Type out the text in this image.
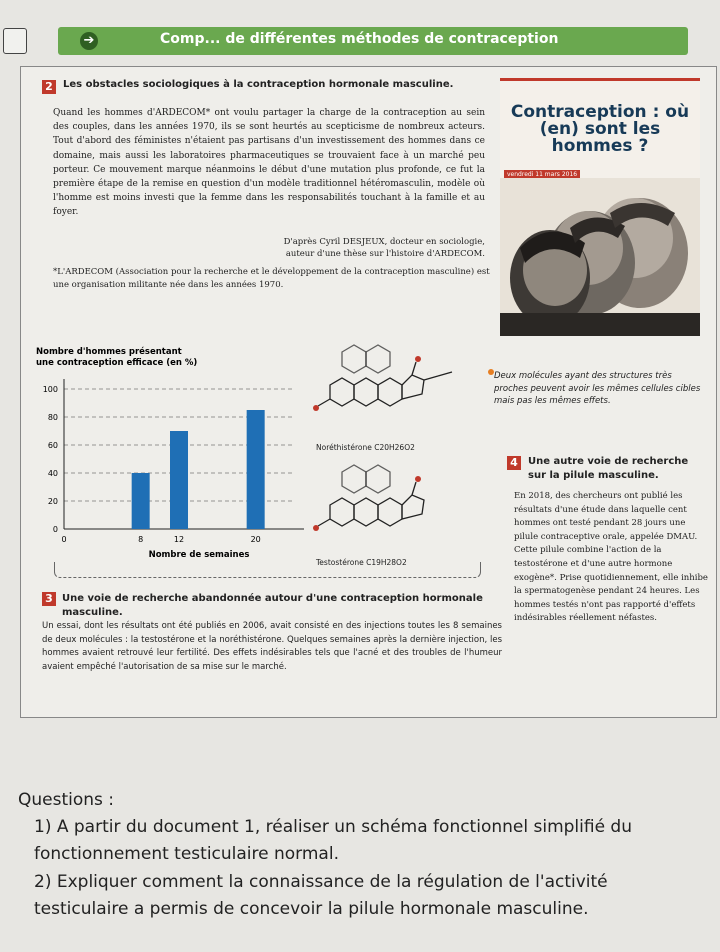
➔	Comp... de différentes méthodes de contraception
2	Les obstacles sociologiques à la contraception hormonale masculine.
Quand les hommes d'ARDECOM* ont voulu partager la charge de la contraception au sein des couples, dans les années 1970, ils se sont heurtés au scepticisme de nombreux acteurs. Tout d'abord des féministes n'étaient pas partisans d'un investissement des hommes dans ce domaine, mais aussi les laboratoires pharmaceutiques se trouvaient face à un marché peu porteur. Ce mouvement marque néanmoins le début d'une mutation plus profonde, ce fut la première étape de la remise en question d'un modèle traditionnel hétéromasculin, modèle où l'homme est moins investi que la femme dans les responsabilités touchant à la famille et au foyer.
D'après Cyril DESJEUX, docteur en sociologie,
auteur d'une thèse sur l'histoire d'ARDECOM.
*L'ARDECOM (Association pour la recherche et le développement de la contraception masculine) est une organisation militante née dans les années 1970.
Contraception : où (en) sont les hommes ?
vendredi 11 mars 2016
Nombre d'hommes présentant
une contraception efficace (en %)
0
20
40
60
80
100
0	8	12	20
Nombre de semaines
Noréthistérone C20H26O2
Testostérone C19H28O2
Deux molécules ayant des structures très proches peuvent avoir les mêmes cellules cibles mais pas les mêmes effets.
4	Une autre voie de recherche sur la pilule masculine.
En 2018, des chercheurs ont publié les résultats d'une étude dans laquelle cent hommes ont testé pendant 28 jours une pilule contraceptive orale, appelée DMAU. Cette pilule combine l'action de la testostérone et d'une autre hormone exogène*. Prise quotidiennement, elle inhibe la spermatogenèse pendant 24 heures. Les hommes testés n'ont pas rapporté d'effets indésirables réellement néfastes.
3 Une voie de recherche abandonnée autour d'une contraception hormonale masculine.
Un essai, dont les résultats ont été publiés en 2006, avait consisté en des injections toutes les 8 semaines de deux molécules : la testostérone et la noréthistérone. Quelques semaines après la dernière injection, les hommes avaient retrouvé leur fertilité. Des effets indésirables tels que l'acné et des troubles de l'humeur avaient empêché l'autorisation de sa mise sur le marché.
Questions :
1) A partir du document 1, réaliser un schéma fonctionnel simplifié du fonctionnement testiculaire normal.
2) Expliquer comment la connaissance de la régulation de l'activité testiculaire a permis de concevoir la pilule hormonale masculine.
